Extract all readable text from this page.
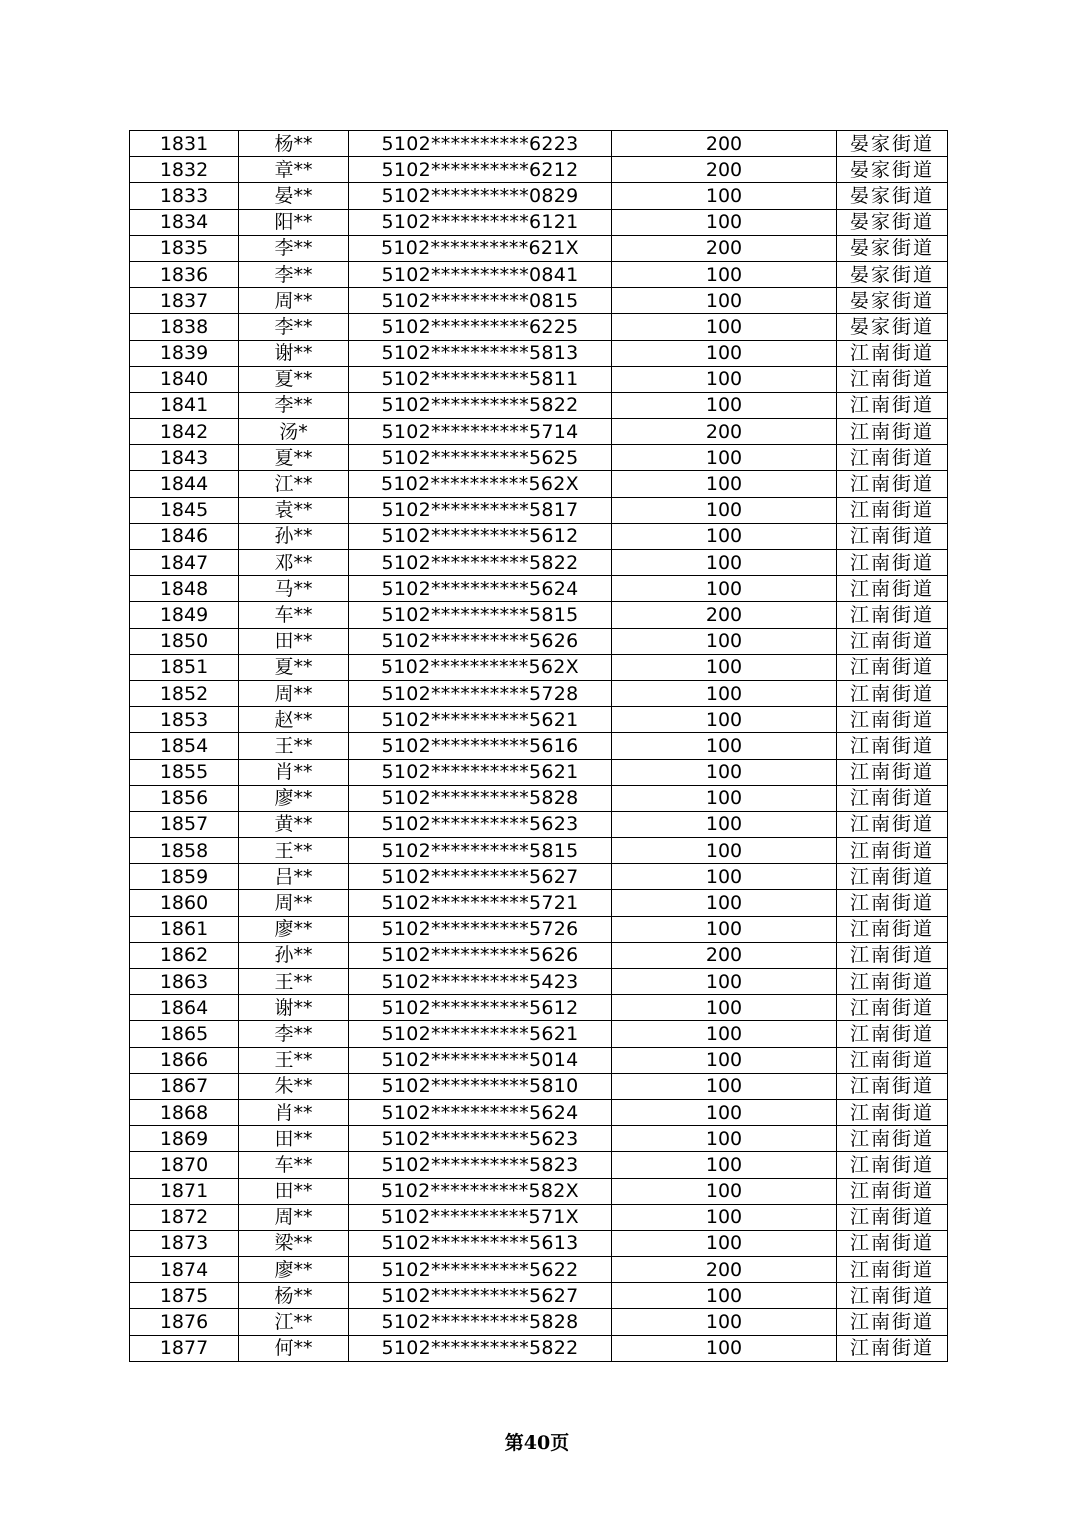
1831	杨**	5102**********6223	200	晏家街道
1832	章**	5102**********6212	200	晏家街道
1833	晏**	5102**********0829	100	晏家街道
1834	阳**	5102**********6121	100	晏家街道
1835	李**	5102**********621X	200	晏家街道
1836	李**	5102**********0841	100	晏家街道
1837	周**	5102**********0815	100	晏家街道
1838	李**	5102**********6225	100	晏家街道
1839	谢**	5102**********5813	100	江南街道
1840	夏**	5102**********5811	100	江南街道
1841	李**	5102**********5822	100	江南街道
1842	汤*	5102**********5714	200	江南街道
1843	夏**	5102**********5625	100	江南街道
1844	江**	5102**********562X	100	江南街道
1845	袁**	5102**********5817	100	江南街道
1846	孙**	5102**********5612	100	江南街道
1847	邓**	5102**********5822	100	江南街道
1848	马**	5102**********5624	100	江南街道
1849	车**	5102**********5815	200	江南街道
1850	田**	5102**********5626	100	江南街道
1851	夏**	5102**********562X	100	江南街道
1852	周**	5102**********5728	100	江南街道
1853	赵**	5102**********5621	100	江南街道
1854	王**	5102**********5616	100	江南街道
1855	肖**	5102**********5621	100	江南街道
1856	廖**	5102**********5828	100	江南街道
1857	黄**	5102**********5623	100	江南街道
1858	王**	5102**********5815	100	江南街道
1859	吕**	5102**********5627	100	江南街道
1860	周**	5102**********5721	100	江南街道
1861	廖**	5102**********5726	100	江南街道
1862	孙**	5102**********5626	200	江南街道
1863	王**	5102**********5423	100	江南街道
1864	谢**	5102**********5612	100	江南街道
1865	李**	5102**********5621	100	江南街道
1866	王**	5102**********5014	100	江南街道
1867	朱**	5102**********5810	100	江南街道
1868	肖**	5102**********5624	100	江南街道
1869	田**	5102**********5623	100	江南街道
1870	车**	5102**********5823	100	江南街道
1871	田**	5102**********582X	100	江南街道
1872	周**	5102**********571X	100	江南街道
1873	梁**	5102**********5613	100	江南街道
1874	廖**	5102**********5622	200	江南街道
1875	杨**	5102**********5627	100	江南街道
1876	江**	5102**********5828	100	江南街道
1877	何**	5102**********5822	100	江南街道
第40页
